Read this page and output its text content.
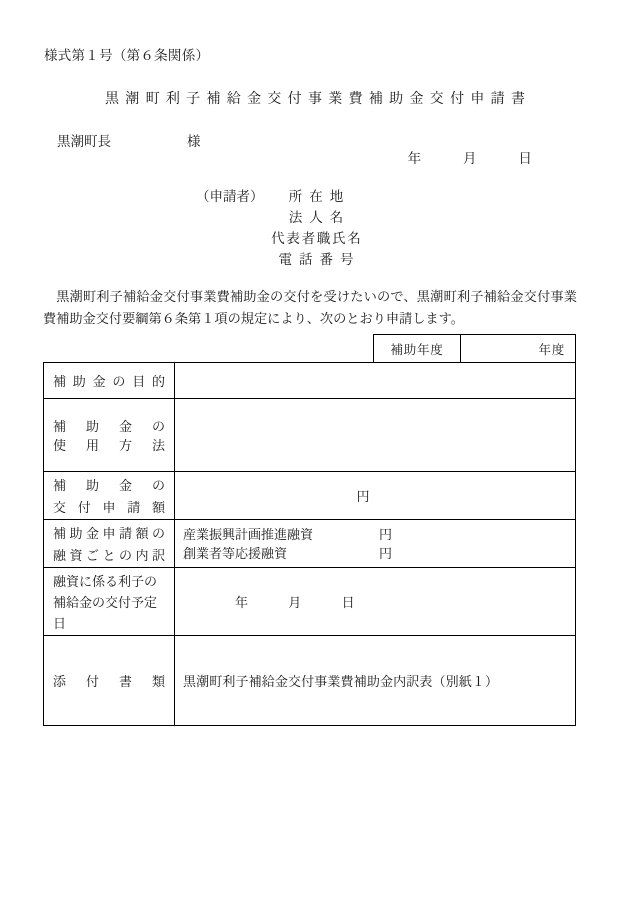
様式第１号（第６条関係）
黒潮町利子補給金交付事業費補助金交付申請書
黒潮町長	様
年　月　日
（申請者） 所在地
法人名
代表者職氏名
電話番号
黒潮町利子補給金交付事業費補助金の交付を受けたいので、黒潮町利子補給金交付事業費補助金交付要綱第６条第１項の規定により、次のとおり申請します。
補助年度	年度
補助金の目的	

補助金の
使用方法	

補助金の
交付申請額	円

補助金申請額の
融資ごとの内訳	産業振興計画推進融資 円
創業者等応援融資 円

融資に係る利子の
補給金の交付予定
日	年　月　日

添付書類	黒潮町利子補給金交付事業費補助金内訳表（別紙１）
